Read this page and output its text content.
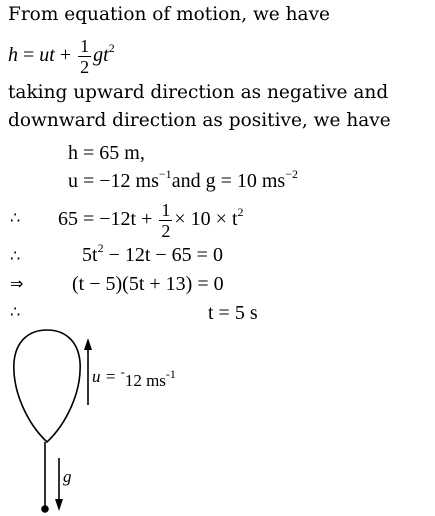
From equation of motion, we have
h = ut + $\frac{1}{2} gt^2$
taking upward direction as negative and
downward direction as positive, we have
h = 65 m,
u = −12 $ms^{-1}and$ g = 10 $ms^{-2}$
∴ $65 = -12t + \frac{1}{2} \times 10 \times t^2$
∴	$5t^2 - 12t - 65 = 0$
⇒ (t − 5)(5t + 13) = 0
∴	t = 5 s
u = -12 $ms^{-1}$
g
